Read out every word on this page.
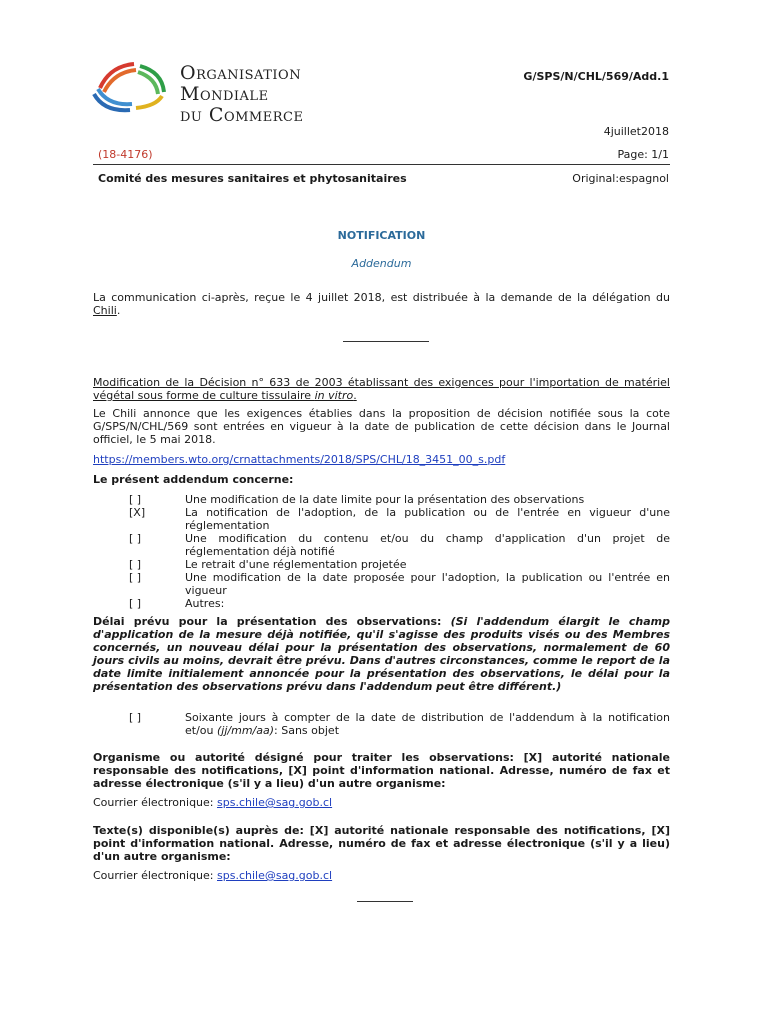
Organisation
Mondiale
du Commerce
G/SPS/N/CHL/569/Add.1
4juillet2018
(18-4176)	Page: 1/1
Comité des mesures sanitaires et phytosanitaires	Original:espagnol
NOTIFICATION
Addendum
La communication ci-après, reçue le 4 juillet 2018, est distribuée à la demande de la délégation du Chili.
Modification de la Décision n° 633 de 2003 établissant des exigences pour l'importation de matériel végétal sous forme de culture tissulaire in vitro.
Le Chili annonce que les exigences établies dans la proposition de décision notifiée sous la cote G/SPS/N/CHL/569 sont entrées en vigueur à la date de publication de cette décision dans le Journal officiel, le 5 mai 2018.
https://members.wto.org/crnattachments/2018/SPS/CHL/18_3451_00_s.pdf
Le présent addendum concerne:
[ ]	Une modification de la date limite pour la présentation des observations
[X]	La notification de l'adoption, de la publication ou de l'entrée en vigueur d'une réglementation
[ ]	Une modification du contenu et/ou du champ d'application d'un projet de réglementation déjà notifié
[ ]	Le retrait d'une réglementation projetée
[ ]	Une modification de la date proposée pour l'adoption, la publication ou l'entrée en vigueur
[ ]	Autres:
Délai prévu pour la présentation des observations: (Si l'addendum élargit le champ d'application de la mesure déjà notifiée, qu'il s'agisse des produits visés ou des Membres concernés, un nouveau délai pour la présentation des observations, normalement de 60 jours civils au moins, devrait être prévu. Dans d'autres circonstances, comme le report de la date limite initialement annoncée pour la présentation des observations, le délai pour la présentation des observations prévu dans l'addendum peut être différent.)
[ ]	Soixante jours à compter de la date de distribution de l'addendum à la notification et/ou (jj/mm/aa): Sans objet
Organisme ou autorité désigné pour traiter les observations: [X] autorité nationale responsable des notifications, [X] point d'information national. Adresse, numéro de fax et adresse électronique (s'il y a lieu) d'un autre organisme:
Courrier électronique: sps.chile@sag.gob.cl
Texte(s) disponible(s) auprès de: [X] autorité nationale responsable des notifications, [X] point d'information national. Adresse, numéro de fax et adresse électronique (s'il y a lieu) d'un autre organisme:
Courrier électronique: sps.chile@sag.gob.cl
